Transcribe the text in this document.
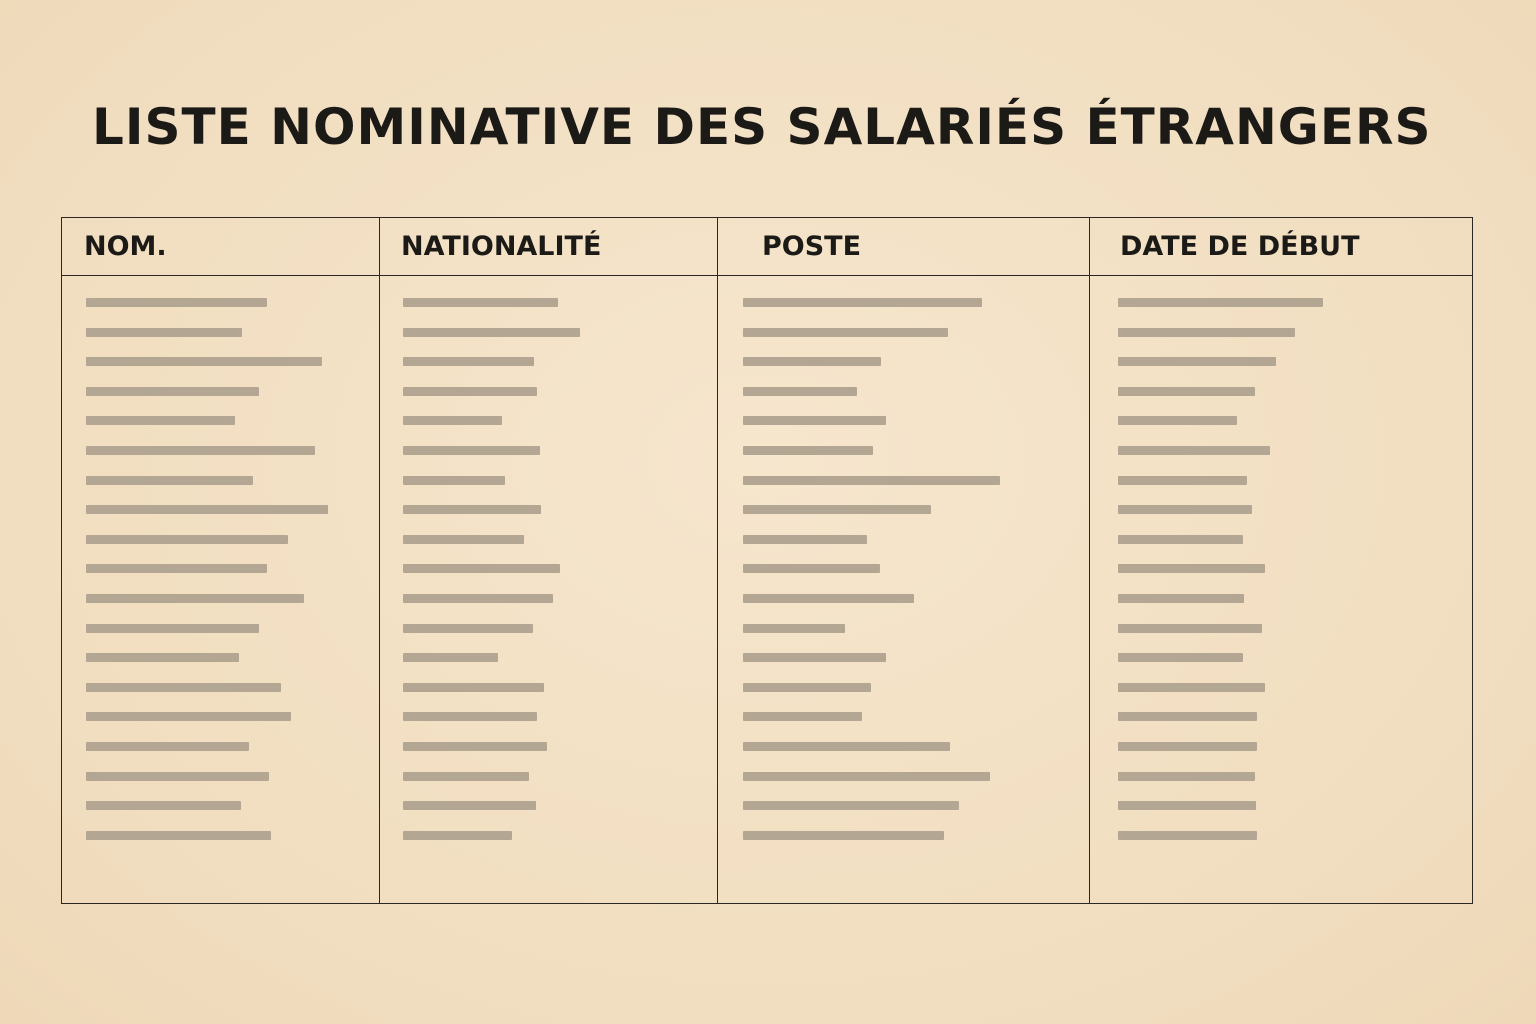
LISTE NOMINATIVE DES SALARIÉS ÉTRANGERS
NOM.	NATIONALITÉ	POSTE	DATE DE DÉBUT
